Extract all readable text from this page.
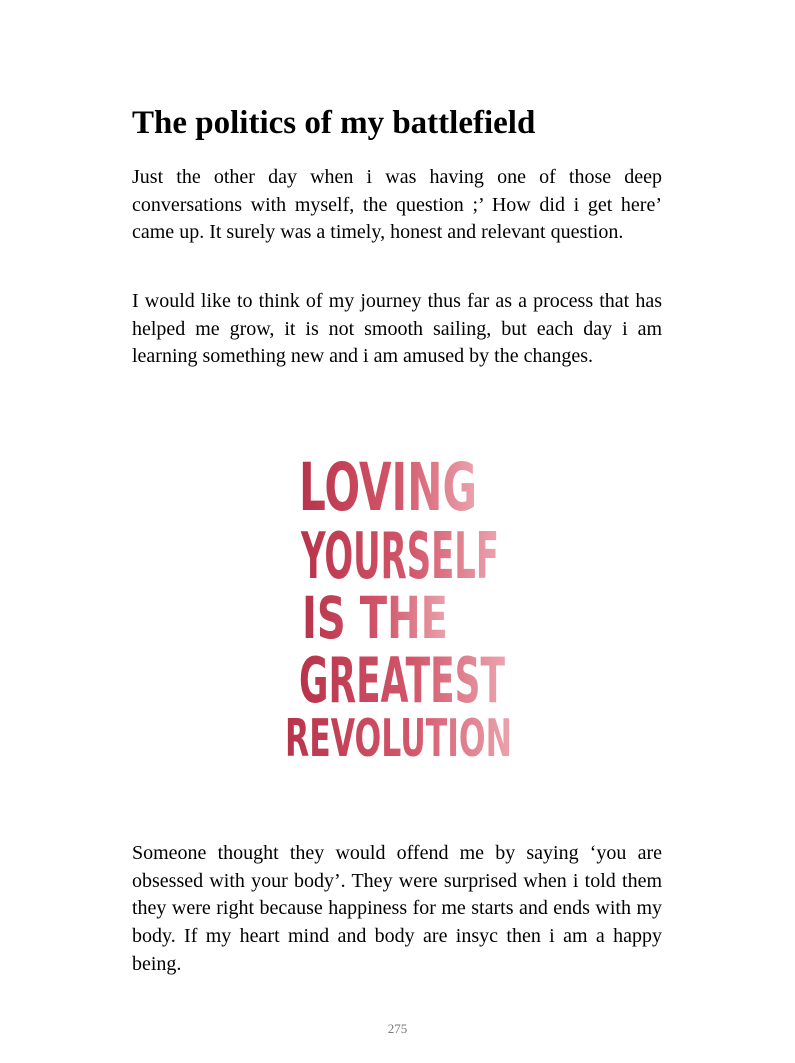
The politics of my battlefield

Just the other day when i was having one of those deep conversations with myself, the question ;’ How did i get here’ came up. It surely was a timely, honest and relevant question.

I would like to think of my journey thus far as a process that has helped me grow, it is not smooth sailing, but each day i am learning something new and i am amused by the changes.

LOVING
YOURSELF
IS THE
GREATEST
REVOLUTION

Someone thought they would offend me by saying ‘you are obsessed with your body’. They were surprised when i told them they were right because happiness for me starts and ends with my body. If my heart mind and body are insyc then i am a happy being.

275
